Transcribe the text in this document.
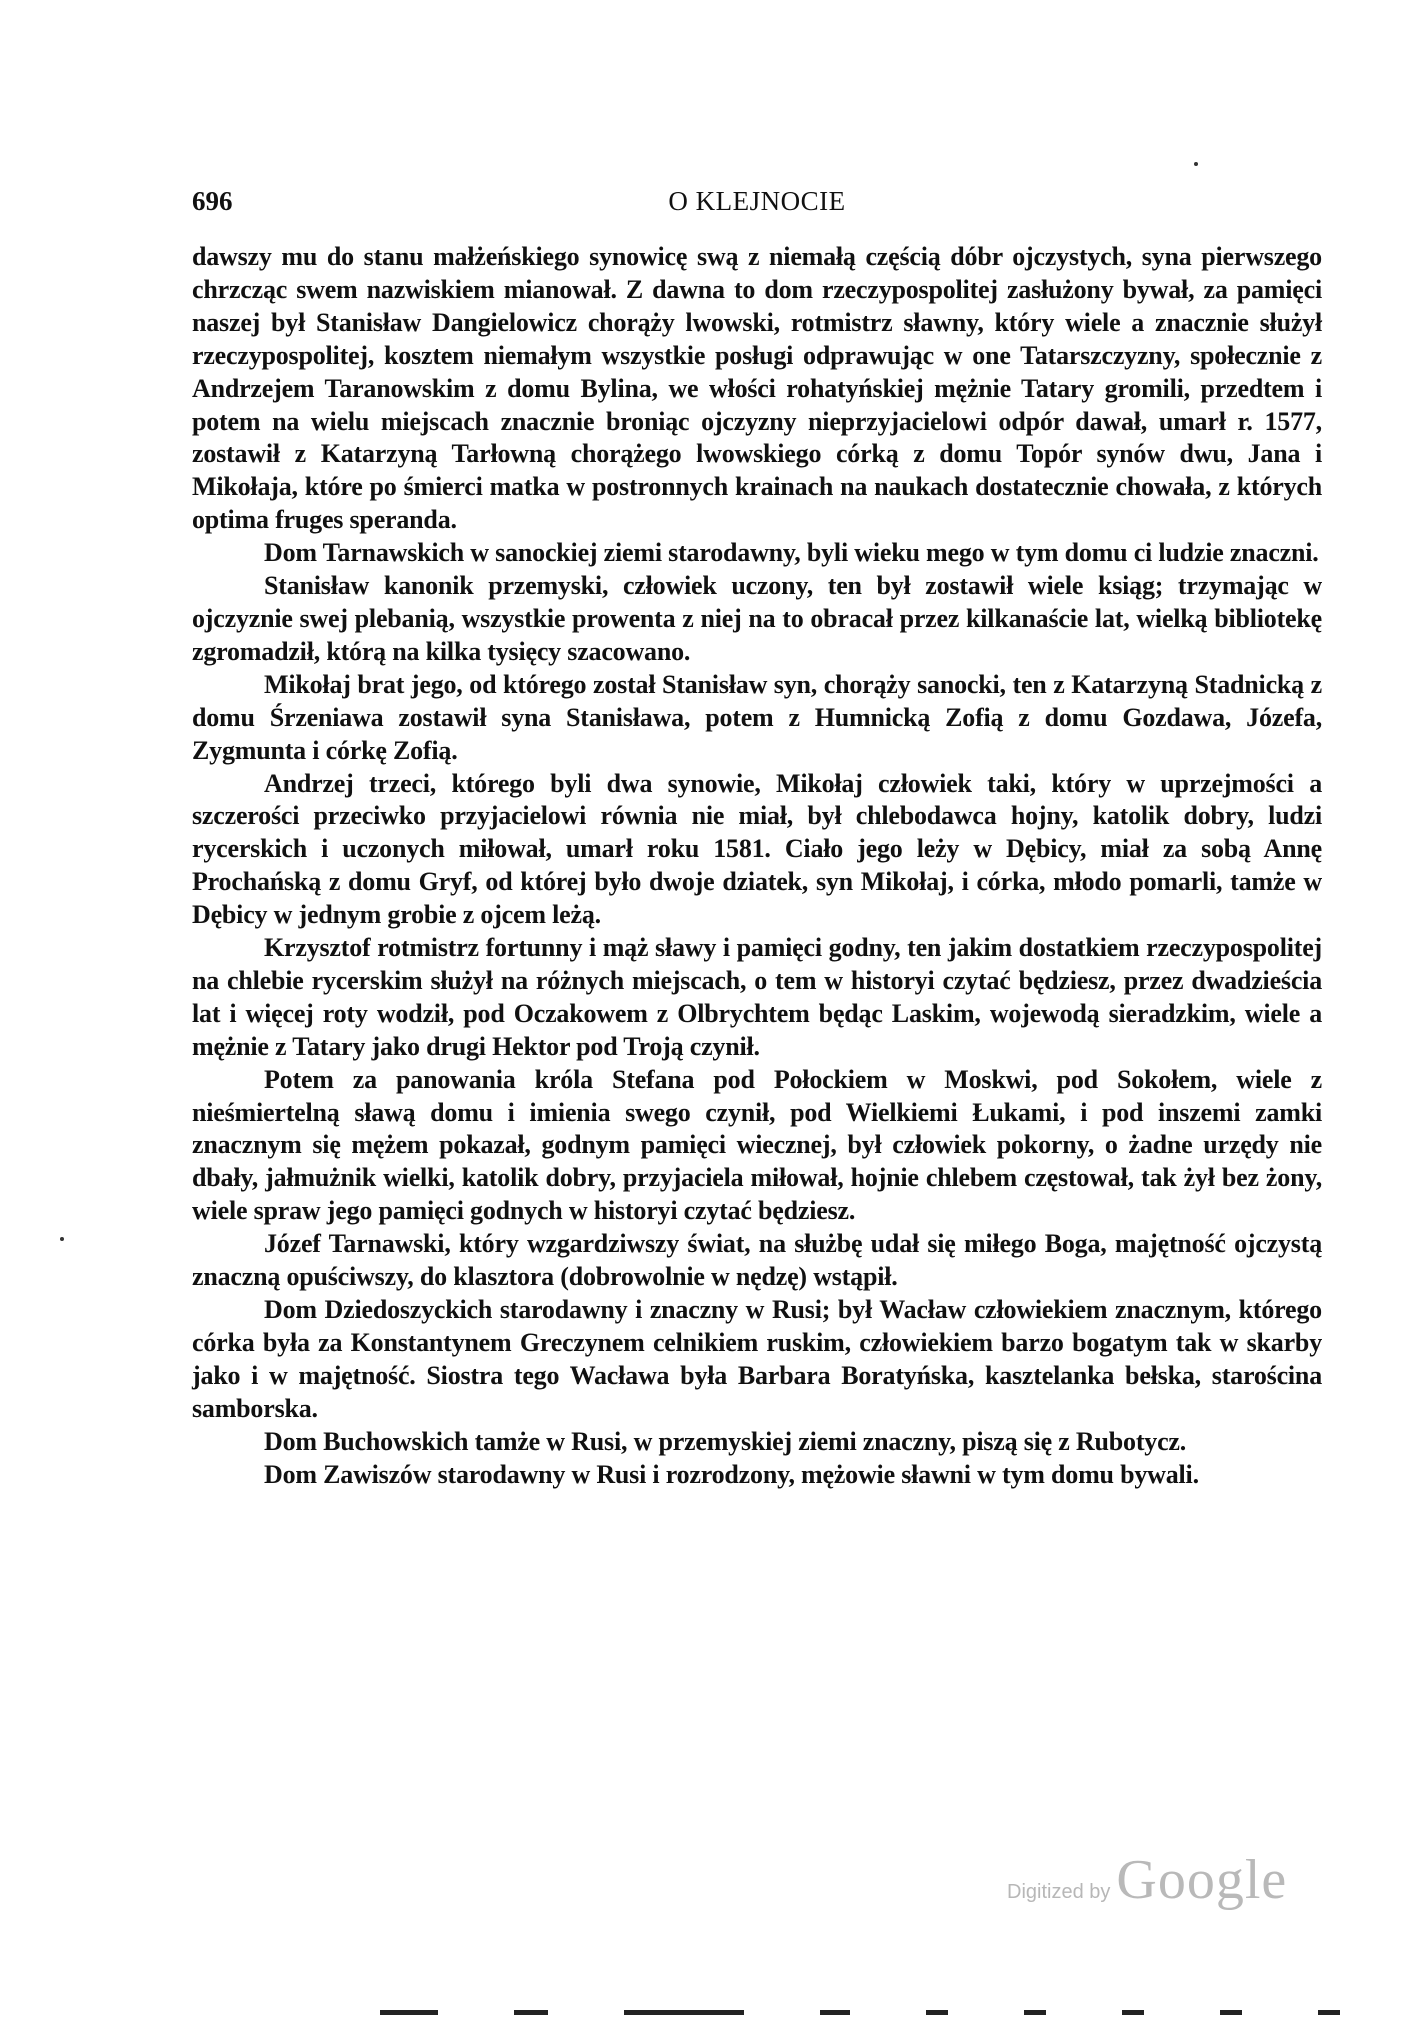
696	O KLEJNOCIE

dawszy mu do stanu małżeńskiego synowicę swą z niemałą częścią dóbr ojczystych, syna pierwszego chrzcząc swem nazwiskiem mianował. Z dawna to dom rzeczypospolitej zasłużony bywał, za pamięci naszej był Stanisław Dangielowicz chorąży lwowski, rotmistrz sławny, który wiele a znacznie służył rzeczypospolitej, kosztem niemałym wszystkie posługi odprawując w one Tatarszczyzny, społecznie z Andrzejem Taranowskim z domu Bylina, we włości rohatyńskiej mężnie Tatary gromili, przedtem i potem na wielu miejscach znacznie broniąc ojczyzny nieprzyjacielowi odpór dawał, umarł r. 1577, zostawił z Katarzyną Tarłowną chorążego lwowskiego córką z domu Topór synów dwu, Jana i Mikołaja, które po śmierci matka w postronnych krainach na naukach dostatecznie chowała, z których optima fruges speranda.

Dom Tarnawskich w sanockiej ziemi starodawny, byli wieku mego w tym domu ci ludzie znaczni.

Stanisław kanonik przemyski, człowiek uczony, ten był zostawił wiele ksiąg; trzymając w ojczyznie swej plebanią, wszystkie prowenta z niej na to obracał przez kilkanaście lat, wielką bibliotekę zgromadził, którą na kilka tysięcy szacowano.

Mikołaj brat jego, od którego został Stanisław syn, chorąży sanocki, ten z Katarzyną Stadnicką z domu Śrzeniawa zostawił syna Stanisława, potem z Humnicką Zofią z domu Gozdawa, Józefa, Zygmunta i córkę Zofią.

Andrzej trzeci, którego byli dwa synowie, Mikołaj człowiek taki, który w uprzejmości a szczerości przeciwko przyjacielowi równia nie miał, był chlebodawca hojny, katolik dobry, ludzi rycerskich i uczonych miłował, umarł roku 1581. Ciało jego leży w Dębicy, miał za sobą Annę Prochańską z domu Gryf, od której było dwoje dziatek, syn Mikołaj, i córka, młodo pomarli, tamże w Dębicy w jednym grobie z ojcem leżą.

Krzysztof rotmistrz fortunny i mąż sławy i pamięci godny, ten jakim dostatkiem rzeczypospolitej na chlebie rycerskim służył na różnych miejscach, o tem w historyi czytać będziesz, przez dwadzieścia lat i więcej roty wodził, pod Oczakowem z Olbrychtem będąc Laskim, wojewodą sieradzkim, wiele a mężnie z Tatary jako drugi Hektor pod Troją czynił.

Potem za panowania króla Stefana pod Połockiem w Moskwi, pod Sokołem, wiele z nieśmiertelną sławą domu i imienia swego czynił, pod Wielkiemi Łukami, i pod inszemi zamki znacznym się mężem pokazał, godnym pamięci wiecznej, był człowiek pokorny, o żadne urzędy nie dbały, jałmużnik wielki, katolik dobry, przyjaciela miłował, hojnie chlebem częstował, tak żył bez żony, wiele spraw jego pamięci godnych w historyi czytać będziesz.

Józef Tarnawski, który wzgardziwszy świat, na służbę udał się miłego Boga, majętność ojczystą znaczną opuściwszy, do klasztora (dobrowolnie w nędzę) wstąpił.

Dom Dziedoszyckich starodawny i znaczny w Rusi; był Wacław człowiekiem znacznym, którego córka była za Konstantynem Greczynem celnikiem ruskim, człowiekiem barzo bogatym tak w skarby jako i w majętność. Siostra tego Wacława była Barbara Boratyńska, kasztelanka bełska, starościna samborska.

Dom Buchowskich tamże w Rusi, w przemyskiej ziemi znaczny, piszą się z Rubotycz.

Dom Zawiszów starodawny w Rusi i rozrodzony, mężowie sławni w tym domu bywali.

Digitized by Google
